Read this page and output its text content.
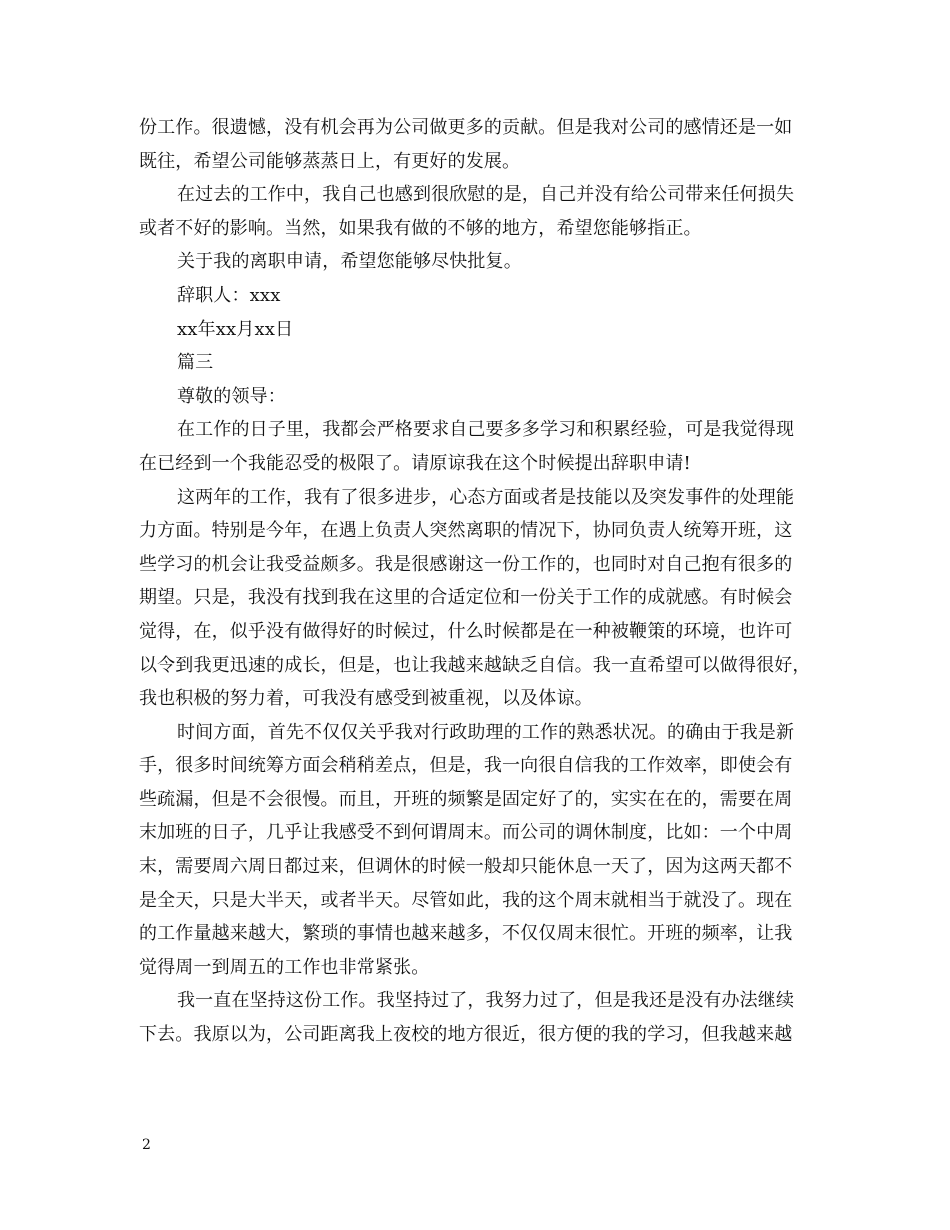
份工作。很遗憾，没有机会再为公司做更多的贡献。但是我对公司的感情还是一如
既往，希望公司能够蒸蒸日上，有更好的发展。
在过去的工作中，我自己也感到很欣慰的是，自己并没有给公司带来任何损失
或者不好的影响。当然，如果我有做的不够的地方，希望您能够指正。
关于我的离职申请，希望您能够尽快批复。
辞职人：xxx
xx年xx月xx日
篇三
尊敬的领导：
在工作的日子里，我都会严格要求自己要多多学习和积累经验，可是我觉得现
在已经到一个我能忍受的极限了。请原谅我在这个时候提出辞职申请!
这两年的工作，我有了很多进步，心态方面或者是技能以及突发事件的处理能
力方面。特别是今年，在遇上负责人突然离职的情况下，协同负责人统筹开班，这
些学习的机会让我受益颇多。我是很感谢这一份工作的，也同时对自己抱有很多的
期望。只是，我没有找到我在这里的合适定位和一份关于工作的成就感。有时候会
觉得，在，似乎没有做得好的时候过，什么时候都是在一种被鞭策的环境，也许可
以令到我更迅速的成长，但是，也让我越来越缺乏自信。我一直希望可以做得很好，
我也积极的努力着，可我没有感受到被重视，以及体谅。
时间方面，首先不仅仅关乎我对行政助理的工作的熟悉状况。的确由于我是新
手，很多时间统筹方面会稍稍差点，但是，我一向很自信我的工作效率，即使会有
些疏漏，但是不会很慢。而且，开班的频繁是固定好了的，实实在在的，需要在周
末加班的日子，几乎让我感受不到何谓周末。而公司的调休制度，比如：一个中周
末，需要周六周日都过来，但调休的时候一般却只能休息一天了，因为这两天都不
是全天，只是大半天，或者半天。尽管如此，我的这个周末就相当于就没了。现在
的工作量越来越大，繁琐的事情也越来越多，不仅仅周末很忙。开班的频率，让我
觉得周一到周五的工作也非常紧张。
我一直在坚持这份工作。我坚持过了，我努力过了，但是我还是没有办法继续
下去。我原以为，公司距离我上夜校的地方很近，很方便的我的学习，但我越来越
2
